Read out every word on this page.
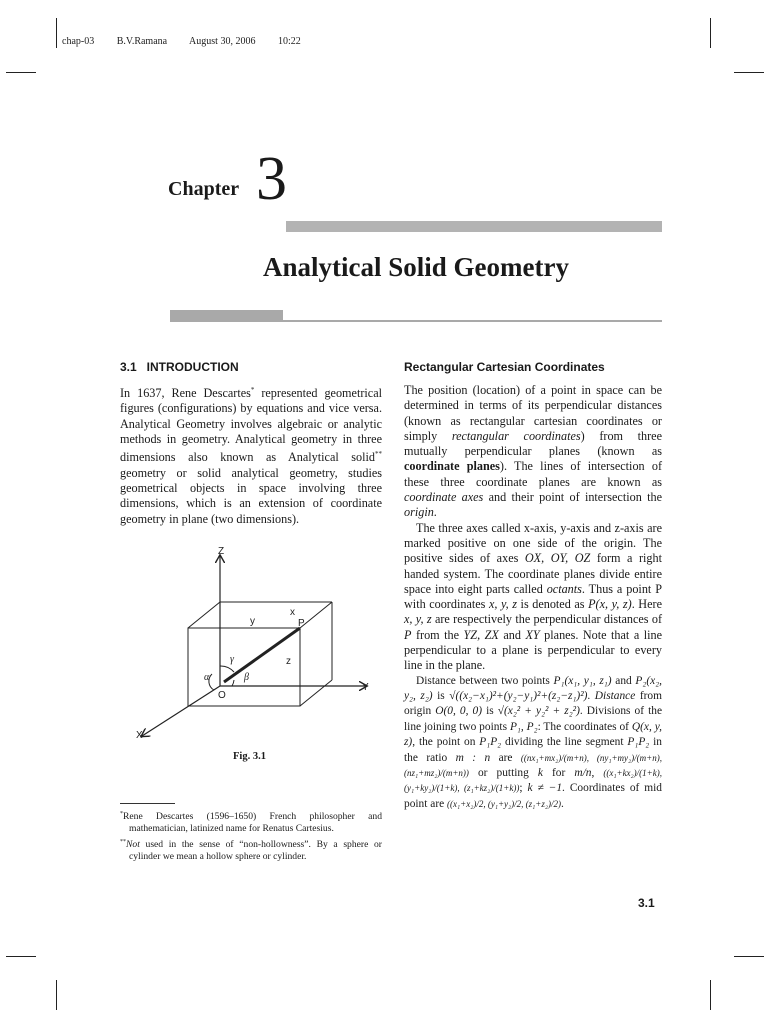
chap-03 B.V.Ramana August 30, 2006 10:22
Chapter 3
Analytical Solid Geometry
3.1   INTRODUCTION

In 1637, Rene Descartes* represented geometrical figures (configurations) by equations and vice versa. Analytical Geometry involves algebraic or analytic methods in geometry. Analytical geometry in three dimensions also known as Analytical solid** geometry or solid analytical geometry, studies geometrical objects in space involving three dimensions, which is an extension of coordinate geometry in plane (two dimensions).

Z
Y
X
O
P
x
y
z
α	β
γ
Fig. 3.1

*Rene Descartes (1596–1650) French philosopher and mathematician, latinized name for Renatus Cartesius.

**Not used in the sense of “non-hollowness”. By a sphere or cylinder we mean a hollow sphere or cylinder.

Rectangular Cartesian Coordinates

The position (location) of a point in space can be determined in terms of its perpendicular distances (known as rectangular cartesian coordinates or simply rectangular coordinates) from three mutually perpendicular planes (known as coordinate planes). The lines of intersection of these three coordinate planes are known as coordinate axes and their point of intersection the origin.

The three axes called x-axis, y-axis and z-axis are marked positive on one side of the origin. The positive sides of axes OX, OY, OZ form a right handed system. The coordinate planes divide entire space into eight parts called octants. Thus a point P with coordinates x, y, z is denoted as P(x, y, z). Here x, y, z are respectively the perpendicular distances of P from the YZ, ZX and XY planes. Note that a line perpendicular to a plane is perpendicular to every line in the plane.

Distance between two points P₁(x₁, y₁, z₁) and P₂(x₂, y₂, z₂) is √((x₂−x₁)²+(y₂−y₁)²+(z₂−z₁)²). Distance from origin O(0, 0, 0) is √(x₂² + y₂² + z₂²). Divisions of the line joining two points P₁, P₂: The coordinates of Q(x, y, z), the point on P₁P₂ dividing the line segment P₁P₂ in the ratio m : n are ((nx₁+mx₂)/(m+n), (ny₁+my₂)/(m+n), (nz₁+mz₂)/(m+n)) or putting k for m/n, ((x₁+kx₂)/(1+k), (y₁+ky₂)/(1+k), (z₁+kz₂)/(1+k)); k ≠ −1. Coordinates of mid point are ((x₁+x₂)/2, (y₁+y₂)/2, (z₁+z₂)/2).

3.1
